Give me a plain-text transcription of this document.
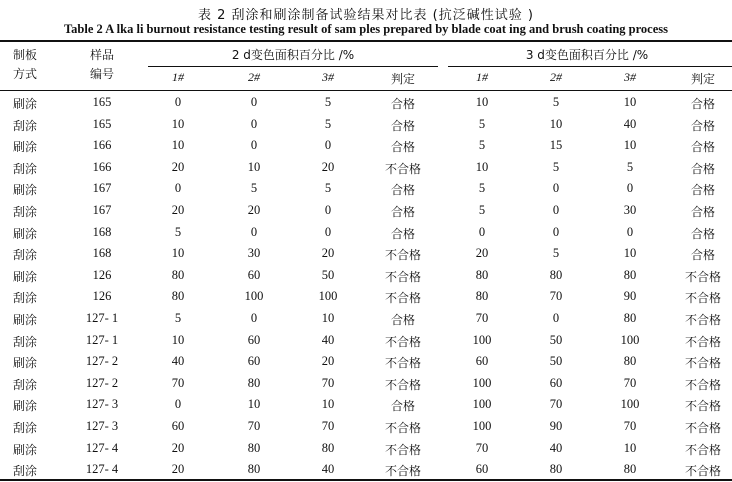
表 2 刮涂和刷涂制备试验结果对比表 (抗泛碱性试验 )
Table 2 A lka li burnout resistance testing result of sam ples prepared by blade coat ing and brush coating process
制板
方式
样品
编号
2 d变色面积百分比 /%	3 d变色面积百分比 /%
1#	2#	3#	判定	1#	2#	3#	判定
刷涂	165	0	0	5	合格	10	5	10	合格
刮涂	165	10	0	5	合格	5	10	40	合格
刷涂	166	10	0	0	合格	5	15	10	合格
刮涂	166	20	10	20	不合格	10	5	5	合格
刷涂	167	0	5	5	合格	5	0	0	合格
刮涂	167	20	20	0	合格	5	0	30	合格
刷涂	168	5	0	0	合格	0	0	0	合格
刮涂	168	10	30	20	不合格	20	5	10	合格
刷涂	126	80	60	50	不合格	80	80	80	不合格
刮涂	126	80	100	100	不合格	80	70	90	不合格
刷涂	127- 1	5	0	10	合格	70	0	80	不合格
刮涂	127- 1	10	60	40	不合格	100	50	100	不合格
刷涂	127- 2	40	60	20	不合格	60	50	80	不合格
刮涂	127- 2	70	80	70	不合格	100	60	70	不合格
刷涂	127- 3	0	10	10	合格	100	70	100	不合格
刮涂	127- 3	60	70	70	不合格	100	90	70	不合格
刷涂	127- 4	20	80	80	不合格	70	40	10	不合格
刮涂	127- 4	20	80	40	不合格	60	80	80	不合格
